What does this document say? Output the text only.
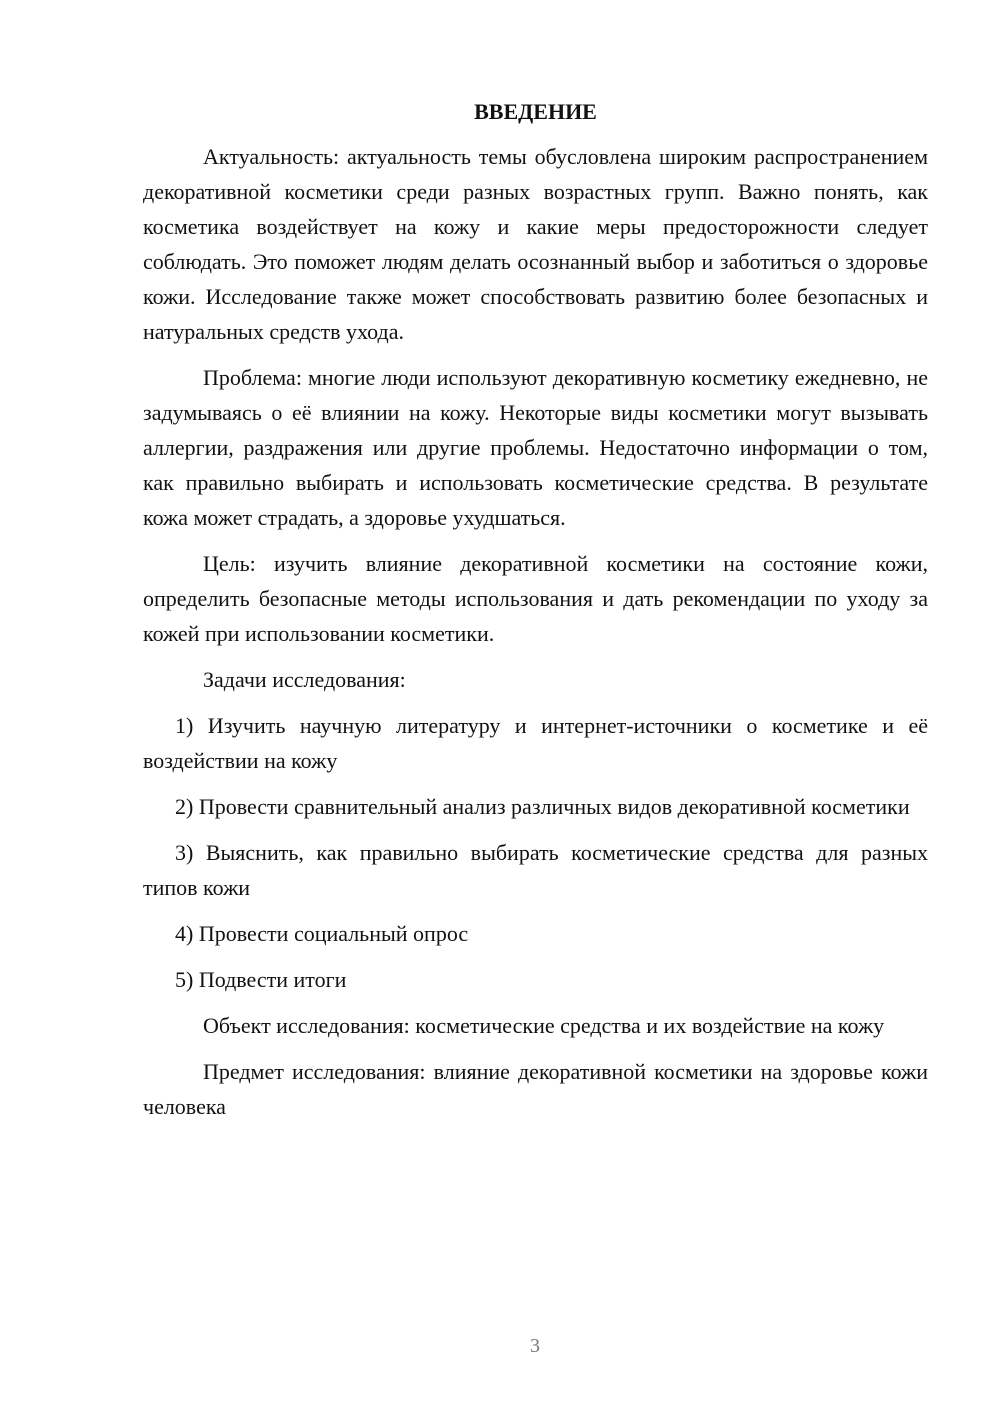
ВВЕДЕНИЕ

Актуальность: актуальность темы обусловлена широким распространением декоративной косметики среди разных возрастных групп. Важно понять, как косметика воздействует на кожу и какие меры предосторожности следует соблюдать. Это поможет людям делать осознанный выбор и заботиться о здоровье кожи. Исследование также может способствовать развитию более безопасных и натуральных средств ухода.

Проблема: многие люди используют декоративную косметику ежедневно, не задумываясь о её влиянии на кожу. Некоторые виды косметики могут вызывать аллергии, раздражения или другие проблемы. Недостаточно информации о том, как правильно выбирать и использовать косметические средства. В результате кожа может страдать, а здоровье ухудшаться.

Цель: изучить влияние декоративной косметики на состояние кожи, определить безопасные методы использования и дать рекомендации по уходу за кожей при использовании косметики.

Задачи исследования:

1) Изучить научную литературу и интернет-источники о косметике и её воздействии на кожу

2) Провести сравнительный анализ различных видов декоративной косметики

3) Выяснить, как правильно выбирать косметические средства для разных типов кожи

4) Провести социальный опрос

5) Подвести итоги

Объект исследования: косметические средства и их воздействие на кожу

Предмет исследования: влияние декоративной косметики на здоровье кожи человека

3
